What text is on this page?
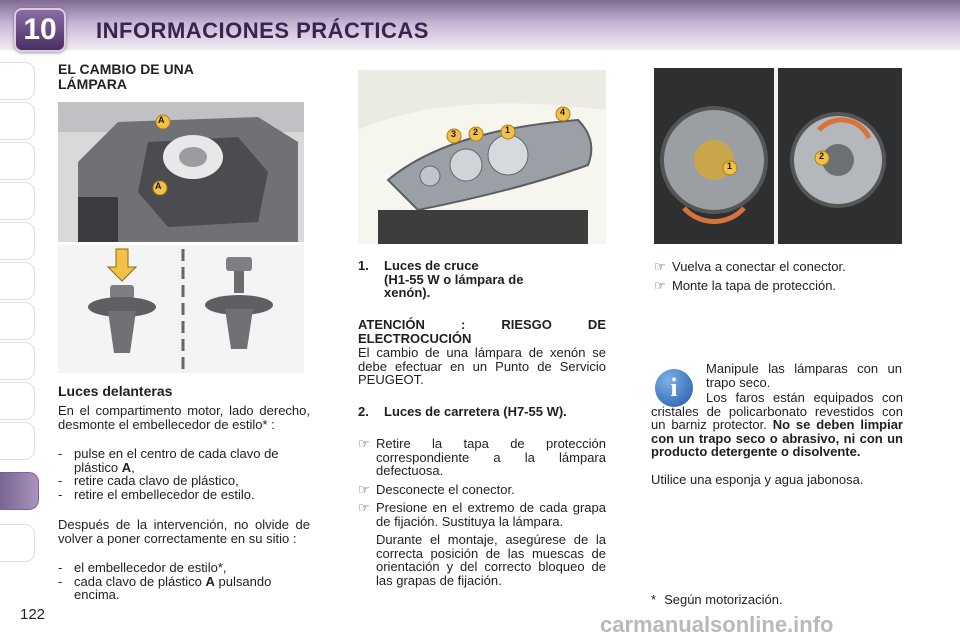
10	INFORMACIONES PRÁCTICAS
EL CAMBIO DE UNA
LÁMPARA
A
A
Luces delanteras
En el compartimento motor, lado derecho, desmonte el embellecedor de estilo* :
- pulse en el centro de cada clavo de plástico A,
- retire cada clavo de plástico,
- retire el embellecedor de estilo.
Después de la intervención, no olvide de volver a poner correctamente en su sitio :
- el embellecedor de estilo*,
- cada clavo de plástico A pulsando encima.
3 2	1
4
1. Luces de cruce
(H1-55 W o lámpara de
xenón).
ATENCIÓN : RIESGO DE ELECTROCUCIÓN
El cambio de una lámpara de xenón se debe efectuar en un Punto de Servicio PEUGEOT.
2. Luces de carretera (H7-55 W).
☞ Retire la tapa de protección correspondiente a la lámpara defectuosa.
☞ Desconecte el conector.
☞ Presione en el extremo de cada grapa de fijación. Sustituya la lámpara.
Durante el montaje, asegúrese de la correcta posición de las muescas de orientación y del correcto bloqueo de las grapas de fijación.
1
2
☞ Vuelva a conectar el conector.
☞ Monte la tapa de protección.
i
Manipule las lámparas con un trapo seco.
Los faros están equipados con cristales de policarbonato revestidos con un barniz protector. No se deben limpiar con un trapo seco o abrasivo, ni con un producto detergente o disolvente.
Utilice una esponja y agua jabonosa.
* Según motorización.
122	carmanualsonline.info
